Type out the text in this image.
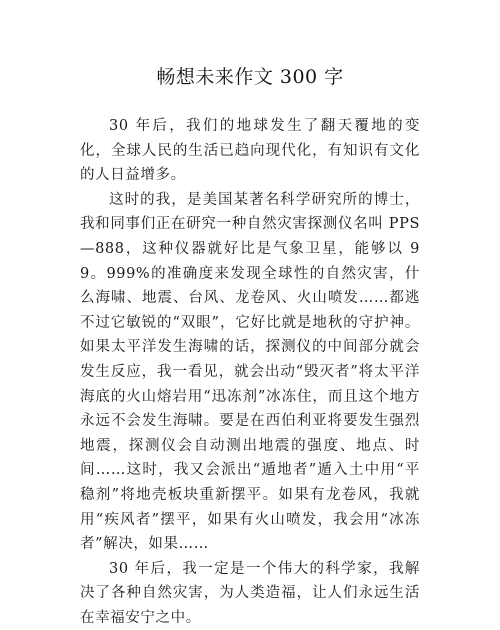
畅想未来作文 300 字

30 年后，我们的地球发生了翻天覆地的变化，全球人民的生活已趋向现代化，有知识有文化的人日益增多。

这时的我，是美国某著名科学研究所的博士，我和同事们正在研究一种自然灾害探测仪名叫 PPS—888，这种仪器就好比是气象卫星，能够以 99。999%的准确度来发现全球性的自然灾害，什么海啸、地震、台风、龙卷风、火山喷发……都逃不过它敏锐的“双眼”，它好比就是地秋的守护神。如果太平洋发生海啸的话，探测仪的中间部分就会发生反应，我一看见，就会出动“毁灭者”将太平洋海底的火山熔岩用“迅冻剂”冰冻住，而且这个地方永远不会发生海啸。要是在西伯利亚将要发生强烈地震，探测仪会自动测出地震的强度、地点、时间……这时，我又会派出“遁地者”遁入土中用“平稳剂”将地壳板块重新摆平。如果有龙卷风，我就用“疾风者”摆平，如果有火山喷发，我会用“冰冻者”解决，如果……

30 年后，我一定是一个伟大的科学家，我解决了各种自然灾害，为人类造福，让人们永远生活在幸福安宁之中。
